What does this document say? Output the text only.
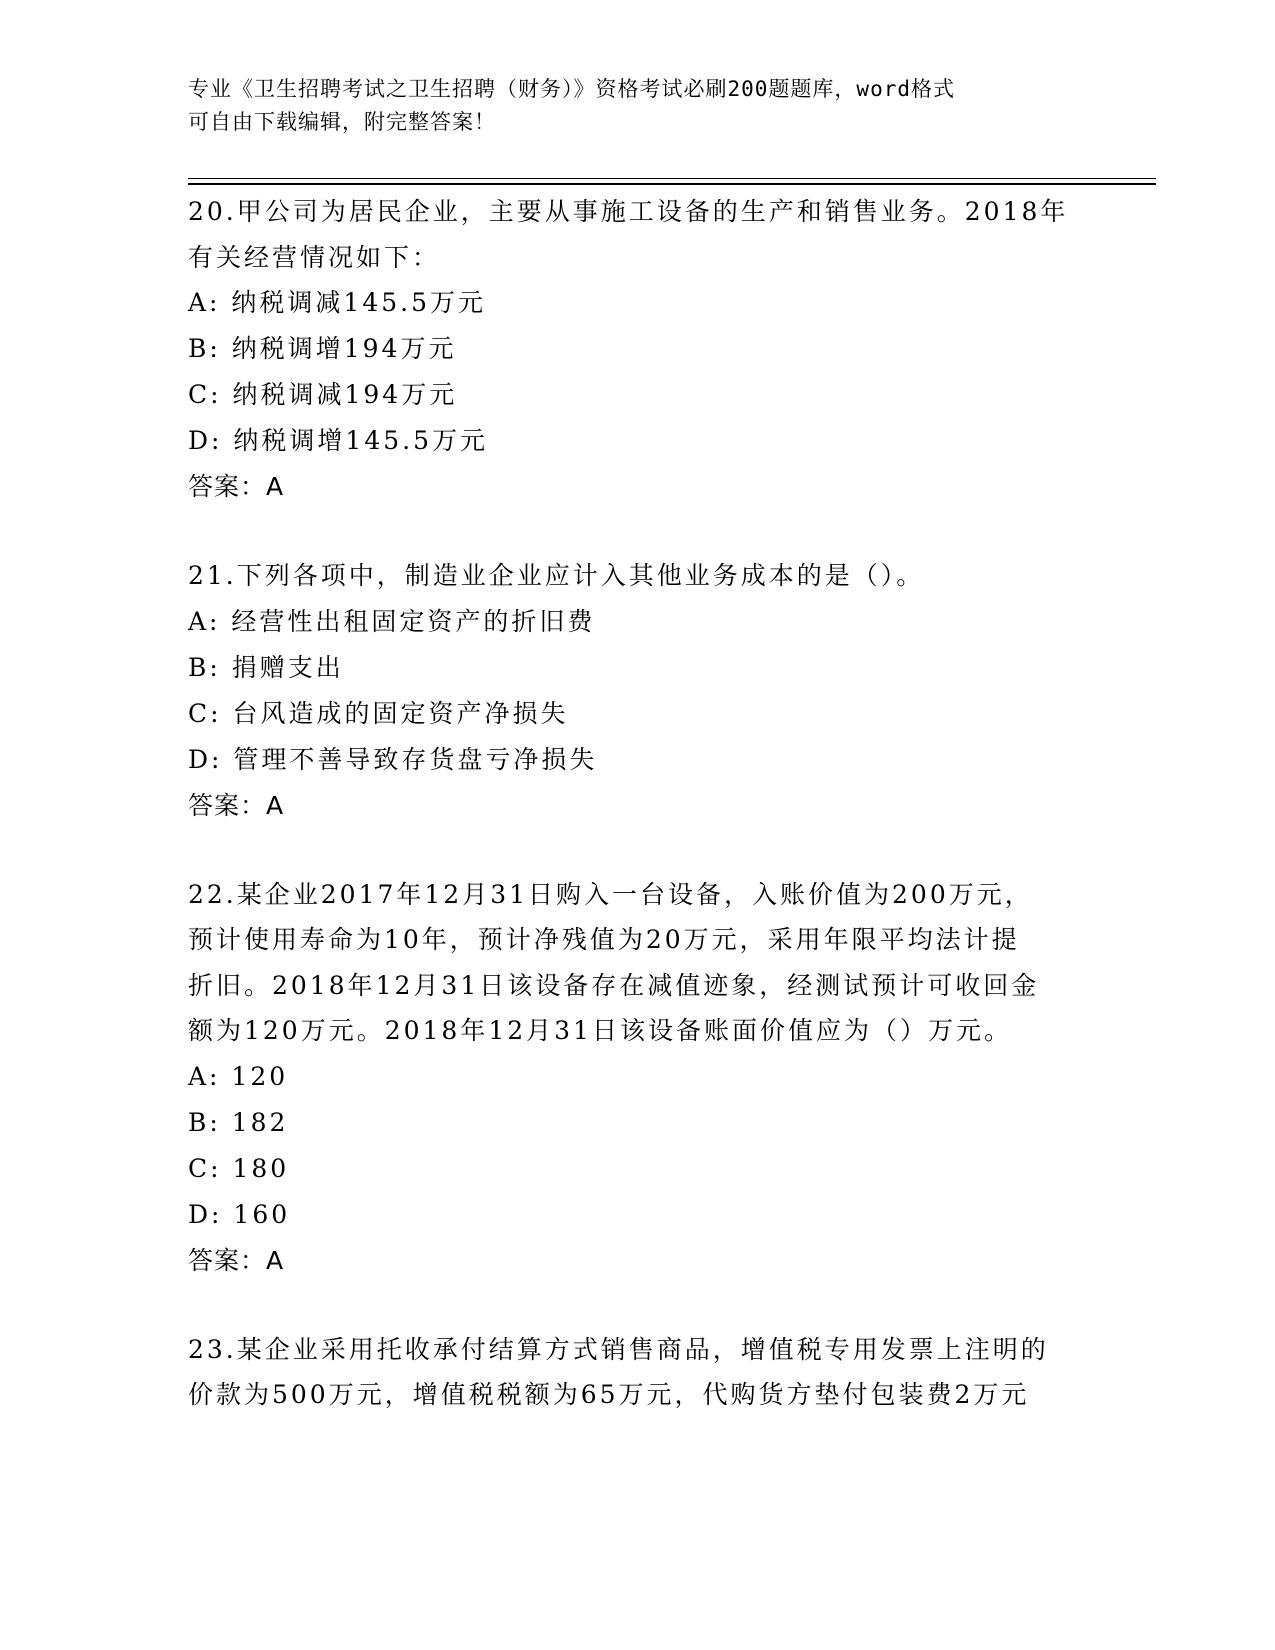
专业《卫生招聘考试之卫生招聘（财务）》资格考试必刷200题题库，word格式

可自由下载编辑，附完整答案！

20.甲公司为居民企业，主要从事施工设备的生产和销售业务。2018年
有关经营情况如下：
A: 纳税调减145.5万元
B: 纳税调增194万元
C: 纳税调减194万元
D: 纳税调增145.5万元
答案：A
21.下列各项中，制造业企业应计入其他业务成本的是（）。
A: 经营性出租固定资产的折旧费
B: 捐赠支出
C: 台风造成的固定资产净损失
D: 管理不善导致存货盘亏净损失
答案：A
22.某企业2017年12月31日购入一台设备，入账价值为200万元，
预计使用寿命为10年，预计净残值为20万元，采用年限平均法计提
折旧。2018年12月31日该设备存在减值迹象，经测试预计可收回金
额为120万元。2018年12月31日该设备账面价值应为（）万元。
A: 120
B: 182
C: 180
D: 160
答案：A
23.某企业采用托收承付结算方式销售商品，增值税专用发票上注明的
价款为500万元，增值税税额为65万元，代购货方垫付包装费2万元
